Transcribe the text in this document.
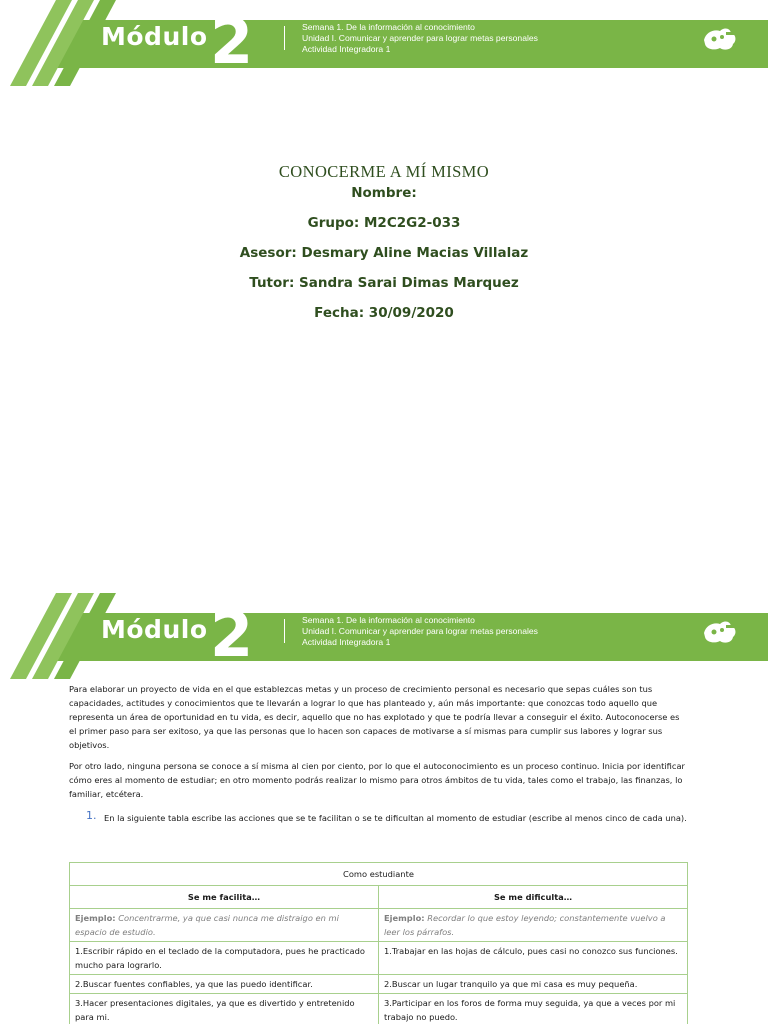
Módulo 2	Semana 1. De la información al conocimiento
Unidad I. Comunicar y aprender para lograr metas personales
Actividad Integradora 1
CONOCERME A MÍ MISMO
Nombre:
Grupo: M2C2G2-033
Asesor: Desmary Aline Macias Villalaz
Tutor: Sandra Sarai Dimas Marquez
Fecha: 30/09/2020
Módulo 2	Semana 1. De la información al conocimiento
Unidad I. Comunicar y aprender para lograr metas personales
Actividad Integradora 1

Para elaborar un proyecto de vida en el que establezcas metas y un proceso de crecimiento personal es necesario que sepas cuáles son tus capacidades, actitudes y conocimientos que te llevarán a lograr lo que has planteado y, aún más importante: que conozcas todo aquello que representa un área de oportunidad en tu vida, es decir, aquello que no has explotado y que te podría llevar a conseguir el éxito. Autoconocerse es el primer paso para ser exitoso, ya que las personas que lo hacen son capaces de motivarse a sí mismas para cumplir sus labores y lograr sus objetivos.

Por otro lado, ninguna persona se conoce a sí misma al cien por ciento, por lo que el autoconocimiento es un proceso continuo. Inicia por identificar cómo eres al momento de estudiar; en otro momento podrás realizar lo mismo para otros ámbitos de tu vida, tales como el trabajo, las finanzas, lo familiar, etcétera.

1. En la siguiente tabla escribe las acciones que se te facilitan o se te dificultan al momento de estudiar (escribe al menos cinco de cada una).
Como estudiante	
Se me facilita…	Se me dificulta…
Ejemplo: Concentrarme, ya que casi nunca me distraigo en mi espacio de estudio.	Ejemplo: Recordar lo que estoy leyendo; constantemente vuelvo a leer los párrafos.
1.Escribir rápido en el teclado de la computadora, pues he practicado mucho para lograrlo.	1.Trabajar en las hojas de cálculo, pues casi no conozco sus funciones.
2.Buscar fuentes confiables, ya que las puedo identificar.	2.Buscar un lugar tranquilo ya que mi casa es muy pequeña.
3.Hacer presentaciones digitales, ya que es divertido y entretenido para mi.	3.Participar en los foros de forma muy seguida, ya que a veces por mi trabajo no puedo.
